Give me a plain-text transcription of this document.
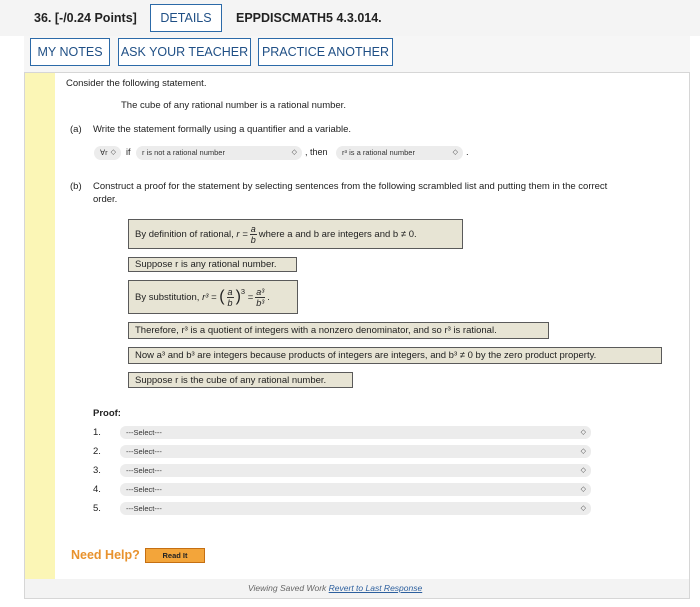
36. [-/0.24 Points]	DETAILS	EPPDISCMATH5 4.3.014.
MY NOTES	ASK YOUR TEACHER	PRACTICE ANOTHER
Consider the following statement.
The cube of any rational number is a rational number.
(a) Write the statement formally using a quantifier and a variable.
∀r ◇ if	r is not a rational number	◇ , then	r³ is a rational number	◇ .
(b) Construct a proof for the statement by selecting sentences from the following scrambled list and putting them in the correct
order.
By definition of rational,
$r = \frac{a}{b}$ where a and b are integers and b ≠ 0.
Suppose r is any rational number.
By substitution,
r³ =
( $\frac{a}{b} )^3$

= $\frac{\text{a³}}{\text{b³}}$ .
Therefore, r³ is a quotient of integers with a nonzero denominator, and so r³ is rational.
Now a³ and b³ are integers because products of integers are integers, and b³ ≠ 0 by the zero product property.
Suppose r is the cube of any rational number.
Proof:
1.	---Select---	◇
2.	---Select---	◇
3.	---Select---	◇
4.	---Select---	◇
5.	---Select---	◇
Need Help?	Read It
Viewing Saved Work Revert to Last Response
